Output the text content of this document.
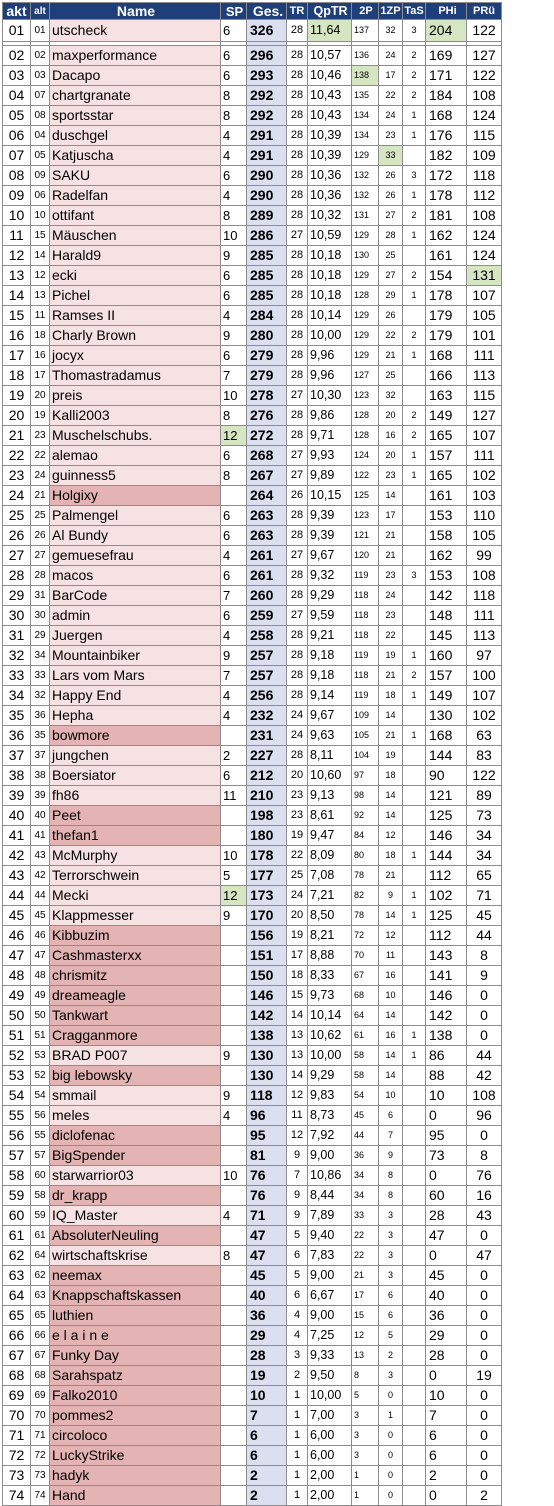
akt	alt	Name	SP	Ges.	TR	QpTR	2P	1ZP	TaS	PHi	PRü
01	01	utscheck	6	326	28	11,64	137	32	3	204	122

02	02	maxperformance	6	296	28	10,57	136	24	2	169	127
03	03	Dacapo	6	293	28	10,46	138	17	2	171	122
04	07	chartgranate	8	292	28	10,43	135	22	2	184	108
05	08	sportsstar	8	292	28	10,43	134	24	1	168	124
06	04	duschgel	4	291	28	10,39	134	23	1	176	115
07	05	Katjuscha	4	291	28	10,39	129	33		182	109
08	09	SAKU	6	290	28	10,36	132	26	3	172	118
09	06	Radelfan	4	290	28	10,36	132	26	1	178	112
10	10	ottifant	8	289	28	10,32	131	27	2	181	108
11	15	Mäuschen	10	286	27	10,59	129	28	1	162	124
12	14	Harald9	9	285	28	10,18	130	25		161	124
13	12	ecki	6	285	28	10,18	129	27	2	154	131
14	13	Pichel	6	285	28	10,18	128	29	1	178	107
15	11	Ramses II	4	284	28	10,14	129	26		179	105
16	18	Charly Brown	9	280	28	10,00	129	22	2	179	101
17	16	jocyx	6	279	28	9,96	129	21	1	168	111
18	17	Thomastradamus	7	279	28	9,96	127	25		166	113
19	20	preis	10	278	27	10,30	123	32		163	115
20	19	Kalli2003	8	276	28	9,86	128	20	2	149	127
21	23	Muschelschubs.	12	272	28	9,71	128	16	2	165	107
22	22	alemao	6	268	27	9,93	124	20	1	157	111
23	24	guinness5	8	267	27	9,89	122	23	1	165	102
24	21	Holgixy		264	26	10,15	125	14		161	103
25	25	Palmengel	6	263	28	9,39	123	17		153	110
26	26	Al Bundy	6	263	28	9,39	121	21		158	105
27	27	gemuesefrau	4	261	27	9,67	120	21		162	99
28	28	macos	6	261	28	9,32	119	23	3	153	108
29	31	BarCode	7	260	28	9,29	118	24		142	118
30	30	admin	6	259	27	9,59	118	23		148	111
31	29	Juergen	4	258	28	9,21	118	22		145	113
32	34	Mountainbiker	9	257	28	9,18	119	19	1	160	97
33	33	Lars vom Mars	7	257	28	9,18	118	21	2	157	100
34	32	Happy End	4	256	28	9,14	119	18	1	149	107
35	36	Hepha	4	232	24	9,67	109	14		130	102
36	35	bowmore		231	24	9,63	105	21	1	168	63
37	37	jungchen	2	227	28	8,11	104	19		144	83
38	38	Boersiator	6	212	20	10,60	97	18		90	122
39	39	fh86	11	210	23	9,13	98	14		121	89
40	40	Peet		198	23	8,61	92	14		125	73
41	41	thefan1		180	19	9,47	84	12		146	34
42	43	McMurphy	10	178	22	8,09	80	18	1	144	34
43	42	Terrorschwein	5	177	25	7,08	78	21		112	65
44	44	Mecki	12	173	24	7,21	82	9	1	102	71
45	45	Klappmesser	9	170	20	8,50	78	14	1	125	45
46	46	Kibbuzim		156	19	8,21	72	12		112	44
47	47	Cashmasterxx		151	17	8,88	70	11		143	8
48	48	chrismitz		150	18	8,33	67	16		141	9
49	49	dreameagle		146	15	9,73	68	10		146	0
50	50	Tankwart		142	14	10,14	64	14		142	0
51	51	Cragganmore		138	13	10,62	61	16	1	138	0
52	53	BRAD P007	9	130	13	10,00	58	14	1	86	44
53	52	big lebowsky		130	14	9,29	58	14		88	42
54	54	smmail	9	118	12	9,83	54	10		10	108
55	56	meles	4	96	11	8,73	45	6		0	96
56	55	diclofenac		95	12	7,92	44	7		95	0
57	57	BigSpender		81	9	9,00	36	9		73	8
58	60	starwarrior03	10	76	7	10,86	34	8		0	76
59	58	dr_krapp		76	9	8,44	34	8		60	16
60	59	IQ_Master	4	71	9	7,89	33	3		28	43
61	61	AbsoluterNeuling		47	5	9,40	22	3		47	0
62	64	wirtschaftskrise	8	47	6	7,83	22	3		0	47
63	62	neemax		45	5	9,00	21	3		45	0
64	63	Knappschaftskassen		40	6	6,67	17	6		40	0
65	65	luthien		36	4	9,00	15	6		36	0
66	66	e l a i n e		29	4	7,25	12	5		29	0
67	67	Funky Day		28	3	9,33	13	2		28	0
68	68	Sarahspatz		19	2	9,50	8	3		0	19
69	69	Falko2010		10	1	10,00	5	0		10	0
70	70	pommes2		7	1	7,00	3	1		7	0
71	71	circoloco		6	1	6,00	3	0		6	0
72	72	LuckyStrike		6	1	6,00	3	0		6	0
73	73	hadyk		2	1	2,00	1	0		2	0
74	74	Hand		2	1	2,00	1	0		0	2
